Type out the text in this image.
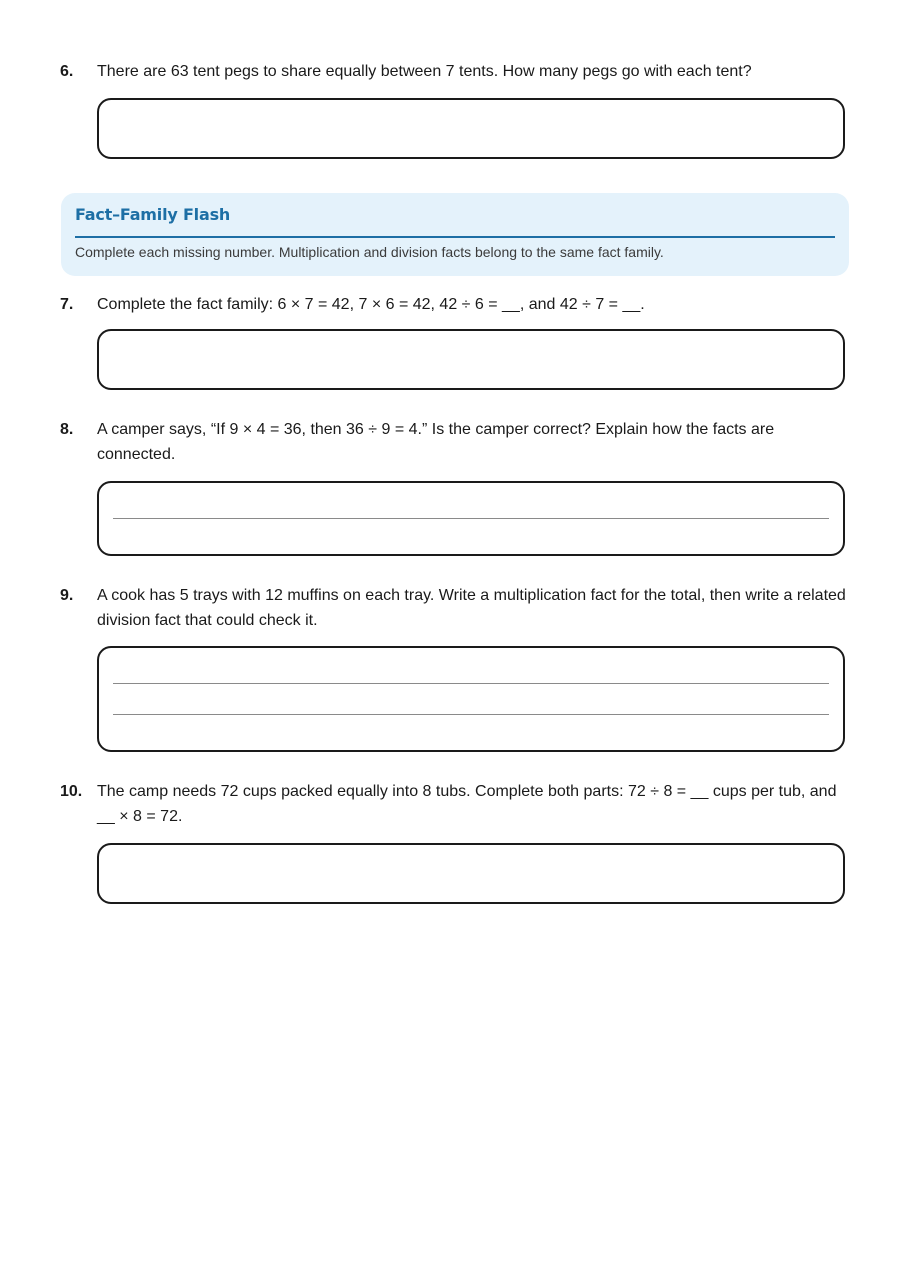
6. There are 63 tent pegs to share equally between 7 tents. How many pegs go with each tent?
Fact–Family Flash
Complete each missing number. Multiplication and division facts belong to the same fact family.
7. Complete the fact family: 6 × 7 = 42, 7 × 6 = 42, 42 ÷ 6 = __, and 42 ÷ 7 = __.
8. A camper says, “If 9 × 4 = 36, then 36 ÷ 9 = 4.” Is the camper correct? Explain how the facts are connected.
9. A cook has 5 trays with 12 muffins on each tray. Write a multiplication fact for the total, then write a related division fact that could check it.
10. The camp needs 72 cups packed equally into 8 tubs. Complete both parts: 72 ÷ 8 = __ cups per tub, and __ × 8 = 72.
